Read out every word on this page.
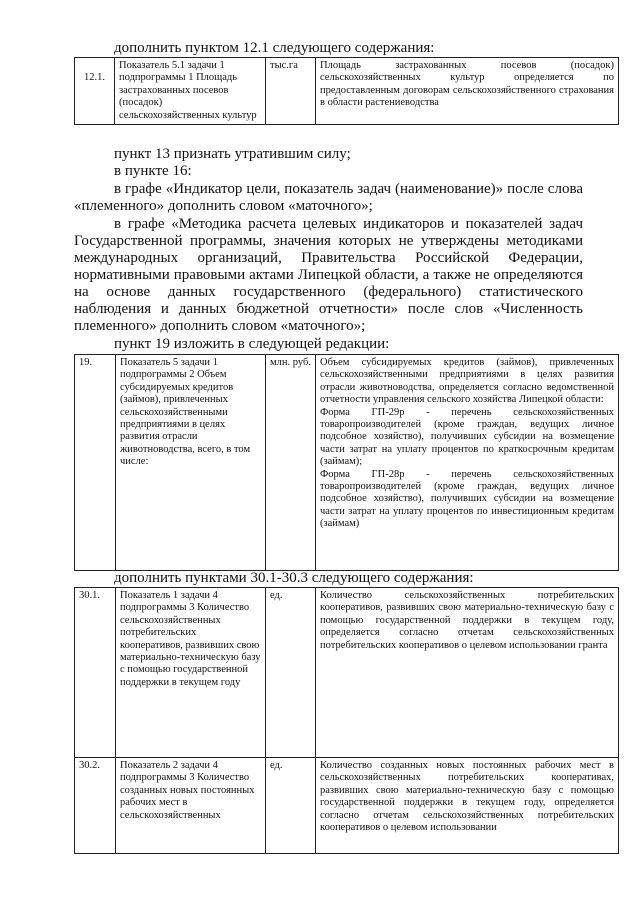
дополнить пунктом 12.1 следующего содержания:

12.1.	Показатель 5.1 задачи 1 подпрограммы 1 Площадь застрахованных посевов (посадок) сельскохозяйственных культур	тыс.га	Площадь застрахованных посевов (посадок) сельскохозяйственных культур определяется по предоставленным договорам сельскохозяйственного страхования в области растениеводства

пункт 13 признать утратившим силу;

в пункте 16:

в графе «Индикатор цели, показатель задач (наименование)» после слова «племенного» дополнить словом «маточного»;

в графе «Методика расчета целевых индикаторов и показателей задач Государственной программы, значения которых не утверждены методиками международных организаций, Правительства Российской Федерации, нормативными правовыми актами Липецкой области, а также не определяются на основе данных государственного (федерального) статистического наблюдения и данных бюджетной отчетности» после слов «Численность племенного» дополнить словом «маточного»;

пункт 19 изложить в следующей редакции:

19.	Показатель 5 задачи 1 подпрограммы 2 Объем субсидируемых кредитов (займов), привлеченных сельскохозяйственными предприятиями в целях развития отрасли животноводства, всего, в том числе:	млн. руб.	Объем субсидируемых кредитов (займов), привлеченных сельскохозяйственными предприятиями в целях развития отрасли животноводства, определяется согласно ведомственной отчетности управления сельского хозяйства Липецкой области:
Форма ГП-29р - перечень сельскохозяйственных товаропроизводителей (кроме граждан, ведущих личное подсобное хозяйство), получивших субсидии на возмещение части затрат на уплату процентов по краткосрочным кредитам (займам);
Форма ГП-28р - перечень сельскохозяйственных товаропроизводителей (кроме граждан, ведущих личное подсобное хозяйство), получивших субсидии на возмещение части затрат на уплату процентов по инвестиционным кредитам (займам)

дополнить пунктами 30.1-30.3 следующего содержания:

30.1.	Показатель 1 задачи 4 подпрограммы 3 Количество сельскохозяйственных потребительских кооперативов, развивших свою материально-техническую базу с помощью государственной поддержки в текущем году	ед.	Количество сельскохозяйственных потребительских кооперативов, развивших свою материально-техническую базу с помощью государственной поддержки в текущем году, определяется согласно отчетам сельскохозяйственных потребительских кооперативов о целевом использовании гранта
30.2.	Показатель 2 задачи 4 подпрограммы 3 Количество созданных новых постоянных рабочих мест в сельскохозяйственных	ед.	Количество созданных новых постоянных рабочих мест в сельскохозяйственных потребительских кооперативах, развивших свою материально-техническую базу с помощью государственной поддержки в текущем году, определяется согласно отчетам сельскохозяйственных потребительских кооперативов о целевом использовании
